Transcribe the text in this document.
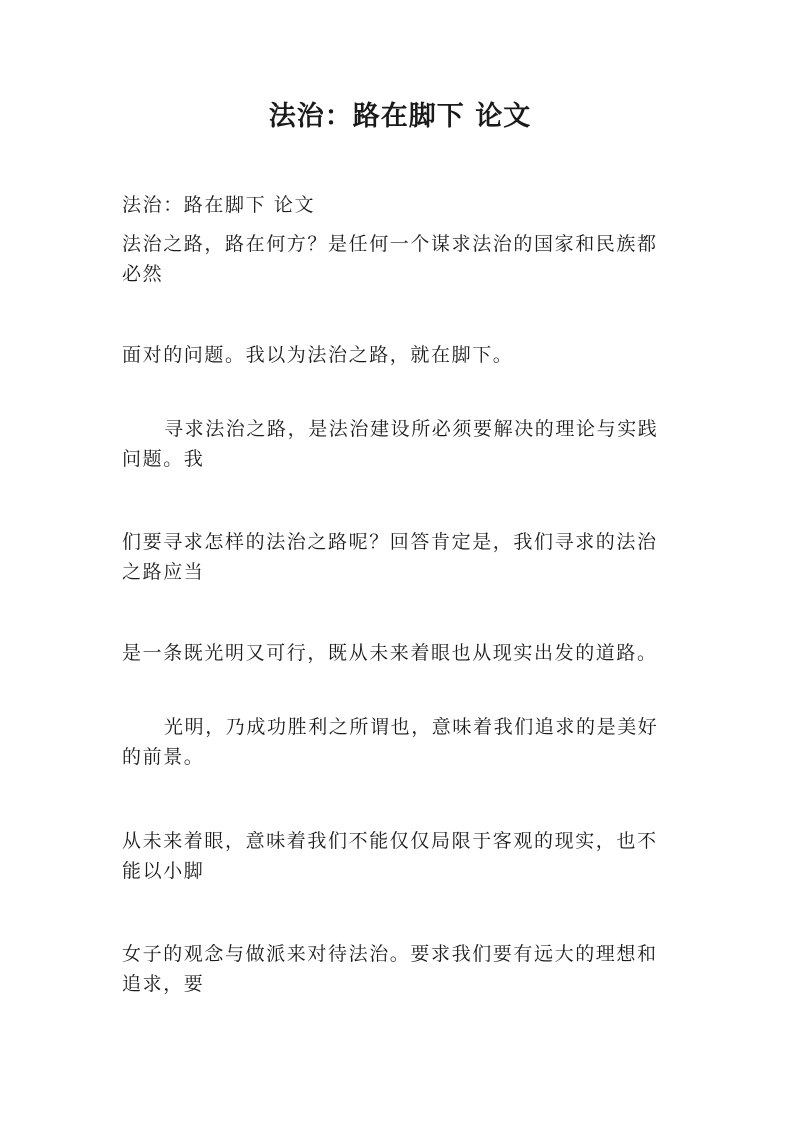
法治：路在脚下 论文
法治：路在脚下 论文
法治之路，路在何方？是任何一个谋求法治的国家和民族都
必然
面对的问题。我以为法治之路，就在脚下。
寻求法治之路，是法治建设所必须要解决的理论与实践
问题。我
们要寻求怎样的法治之路呢？回答肯定是，我们寻求的法治
之路应当
是一条既光明又可行，既从未来着眼也从现实出发的道路。
光明，乃成功胜利之所谓也，意味着我们追求的是美好
的前景。
从未来着眼，意味着我们不能仅仅局限于客观的现实，也不
能以小脚
女子的观念与做派来对待法治。要求我们要有远大的理想和
追求，要
